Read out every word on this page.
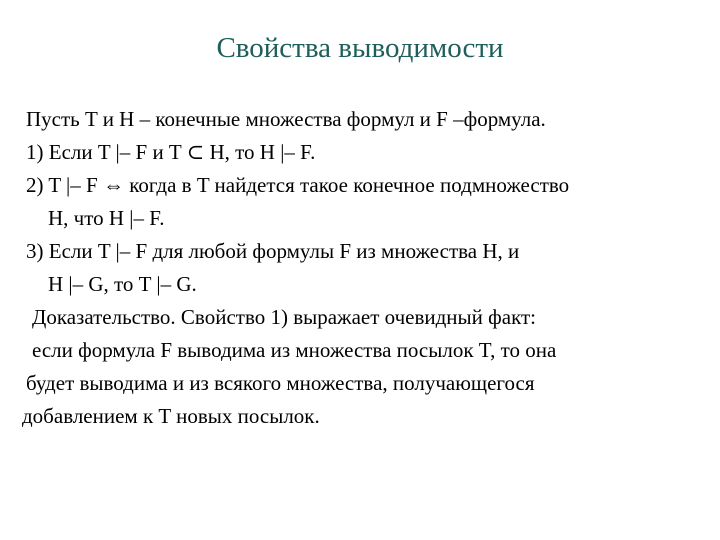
Свойства выводимости
Пусть T и H – конечные множества формул и F –формула.
1) Если T |– F и T ⊂ H, то H |– F.
2) T |– F ⇔ когда в T найдется такое конечное подмножество
H, что H |– F.
3) Если T |– F для любой формулы F из множества H, и
H |– G, то T |– G.
Доказательство. Свойство 1) выражает очевидный факт:
если формула F выводима из множества посылок T, то она
будет выводима и из всякого множества, получающегося
добавлением к T новых посылок.
